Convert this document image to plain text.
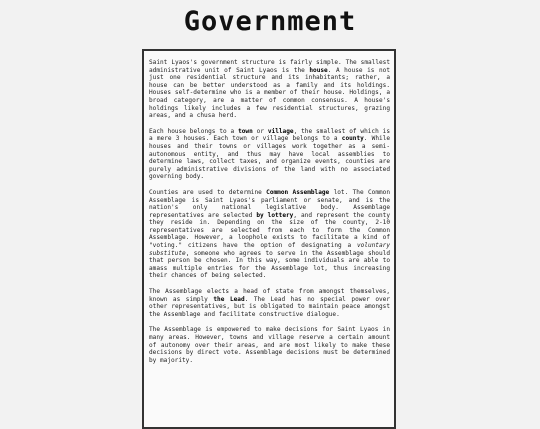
Government

Saint Lyaos's government structure is fairly simple. The smallest administrative unit of Saint Lyaos is the house. A house is not just one residential structure and its inhabitants; rather, a house can be better understood as a family and its holdings. Houses self-determine who is a member of their house. Holdings, a broad category, are a matter of common consensus. A house's holdings likely includes a few residential structures, grazing areas, and a chusa herd.

Each house belongs to a town or village, the smallest of which is a mere 3 houses. Each town or village belongs to a county. While houses and their towns or villages work together as a semi-autonomous entity, and thus may have local assemblies to determine laws, collect taxes, and organize events, counties are purely administrative divisions of the land with no associated governing body.

Counties are used to determine Common Assemblage lot. The Common Assemblage is Saint Lyaos's parliament or senate, and is the nation's only national legislative body. Assemblage representatives are selected by lottery, and represent the county they reside in. Depending on the size of the county, 2-10 representatives are selected from each to form the Common Assemblage. However, a loophole exists to facilitate a kind of "voting." citizens have the option of designating a voluntary substitute, someone who agrees to serve in the Assemblage should that person be chosen. In this way, some individuals are able to amass multiple entries for the Assemblage lot, thus increasing their chances of being selected.

The Assemblage elects a head of state from amongst themselves, known as simply the Lead. The Lead has no special power over other representatives, but is obligated to maintain peace amongst the Assemblage and facilitate constructive dialogue.

The Assemblage is empowered to make decisions for Saint Lyaos in many areas. However, towns and village reserve a certain amount of autonomy over their areas, and are most likely to make these decisions by direct vote. Assemblage decisions must be determined by majority.
